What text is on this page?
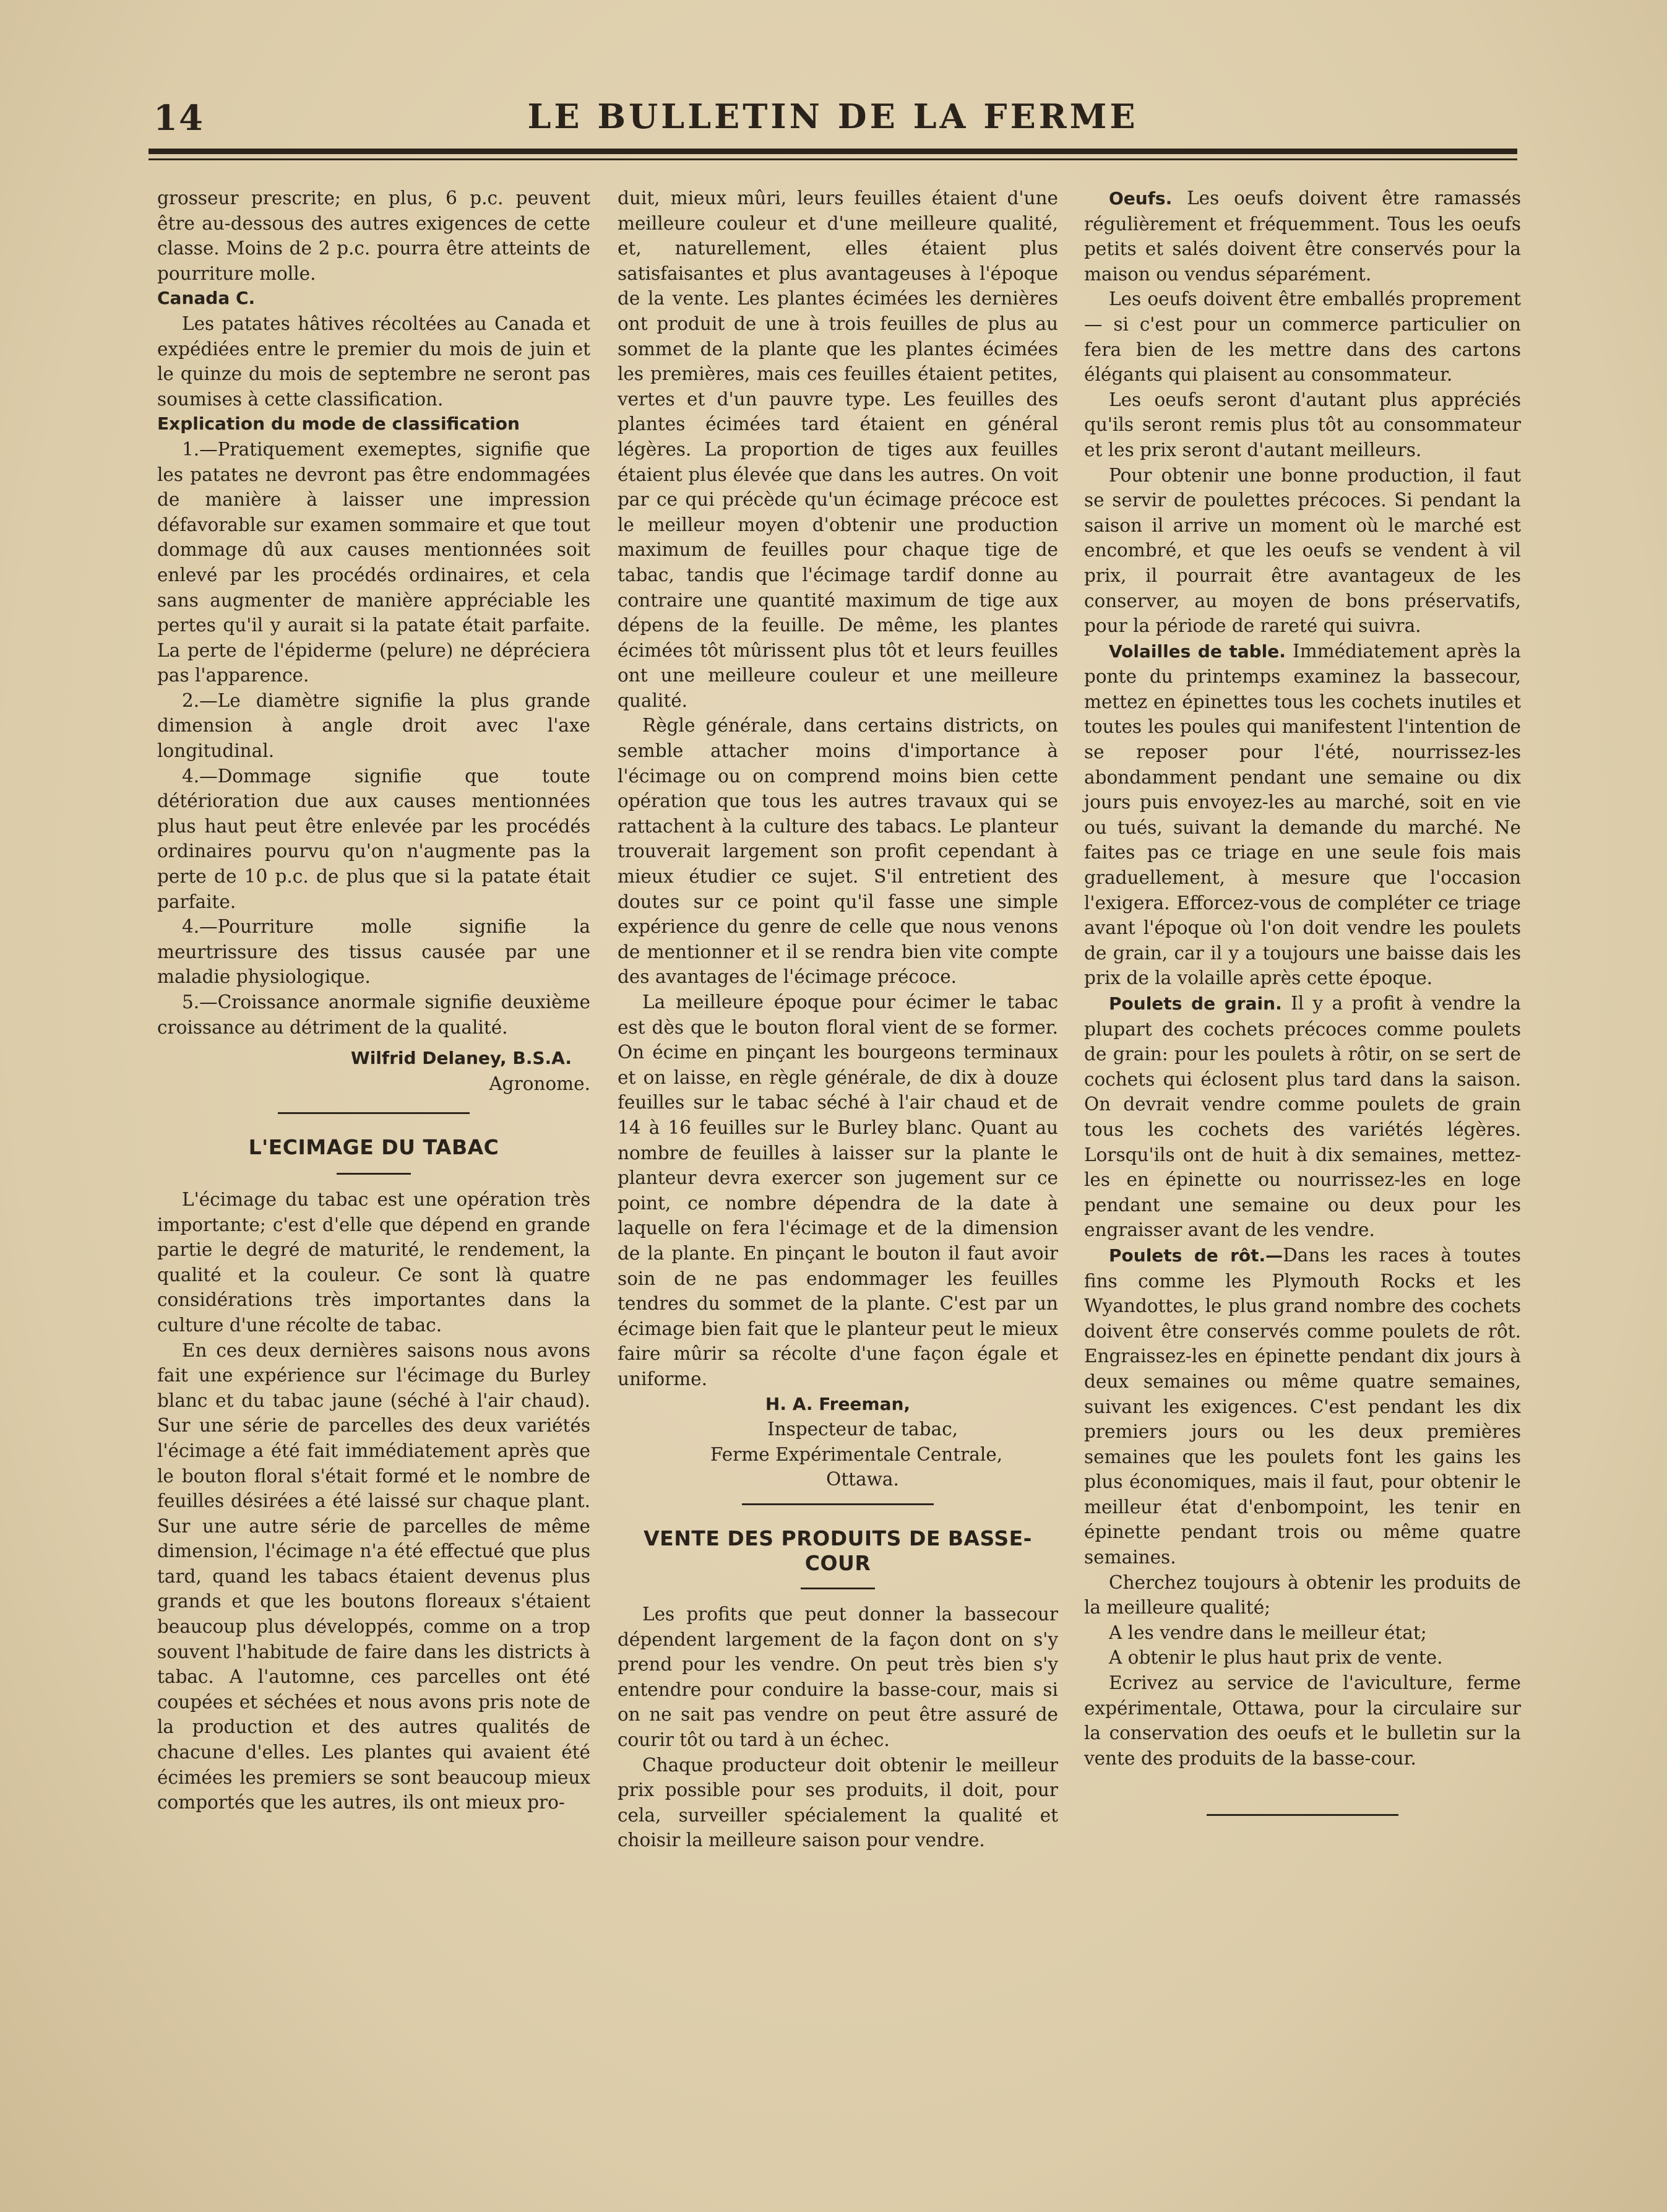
14	LE BULLETIN DE LA FERME

grosseur prescrite; en plus, 6 p.c. peuvent être au-dessous des autres exigences de cette classe. Moins de 2 p.c. pourra être atteints de pourriture molle.

Canada C.

Les patates hâtives récoltées au Canada et expédiées entre le premier du mois de juin et le quinze du mois de septembre ne seront pas soumises à cette classification.

Explication du mode de classification

1.—Pratiquement exemeptes, signifie que les patates ne devront pas être endommagées de manière à laisser une impression défavorable sur examen sommaire et que tout dommage dû aux causes mentionnées soit enlevé par les procédés ordinaires, et cela sans augmenter de manière appréciable les pertes qu'il y aurait si la patate était parfaite. La perte de l'épiderme (pelure) ne dépréciera pas l'apparence.

2.—Le diamètre signifie la plus grande dimension à angle droit avec l'axe longitudinal.

4.—Dommage signifie que toute détérioration due aux causes mentionnées plus haut peut être enlevée par les procédés ordinaires pourvu qu'on n'augmente pas la perte de 10 p.c. de plus que si la patate était parfaite.

4.—Pourriture molle signifie la meurtrissure des tissus causée par une maladie physiologique.

5.—Croissance anormale signifie deuxième croissance au détriment de la qualité.

Wilfrid Delaney, B.S.A.

Agronome.

L'ECIMAGE DU TABAC

L'écimage du tabac est une opération très importante; c'est d'elle que dépend en grande partie le degré de maturité, le rendement, la qualité et la couleur. Ce sont là quatre considérations très importantes dans la culture d'une récolte de tabac.

En ces deux dernières saisons nous avons fait une expérience sur l'écimage du Burley blanc et du tabac jaune (séché à l'air chaud). Sur une série de parcelles des deux variétés l'écimage a été fait immédiatement après que le bouton floral s'était formé et le nombre de feuilles désirées a été laissé sur chaque plant. Sur une autre série de parcelles de même dimension, l'écimage n'a été effectué que plus tard, quand les tabacs étaient devenus plus grands et que les boutons floreaux s'étaient beaucoup plus développés, comme on a trop souvent l'habitude de faire dans les districts à tabac. A l'automne, ces parcelles ont été coupées et séchées et nous avons pris note de la production et des autres qualités de chacune d'elles. Les plantes qui avaient été écimées les premiers se sont beaucoup mieux comportés que les autres, ils ont mieux pro-

duit, mieux mûri, leurs feuilles étaient d'une meilleure couleur et d'une meilleure qualité, et, naturellement, elles étaient plus satisfaisantes et plus avantageuses à l'époque de la vente. Les plantes écimées les dernières ont produit de une à trois feuilles de plus au sommet de la plante que les plantes écimées les premières, mais ces feuilles étaient petites, vertes et d'un pauvre type. Les feuilles des plantes écimées tard étaient en général légères. La proportion de tiges aux feuilles étaient plus élevée que dans les autres. On voit par ce qui précède qu'un écimage précoce est le meilleur moyen d'obtenir une production maximum de feuilles pour chaque tige de tabac, tandis que l'écimage tardif donne au contraire une quantité maximum de tige aux dépens de la feuille. De même, les plantes écimées tôt mûrissent plus tôt et leurs feuilles ont une meilleure couleur et une meilleure qualité.

Règle générale, dans certains districts, on semble attacher moins d'importance à l'écimage ou on comprend moins bien cette opération que tous les autres travaux qui se rattachent à la culture des tabacs. Le planteur trouverait largement son profit cependant à mieux étudier ce sujet. S'il entretient des doutes sur ce point qu'il fasse une simple expérience du genre de celle que nous venons de mentionner et il se rendra bien vite compte des avantages de l'écimage précoce.

La meilleure époque pour écimer le tabac est dès que le bouton floral vient de se former. On écime en pinçant les bourgeons terminaux et on laisse, en règle générale, de dix à douze feuilles sur le tabac séché à l'air chaud et de 14 à 16 feuilles sur le Burley blanc. Quant au nombre de feuilles à laisser sur la plante le planteur devra exercer son jugement sur ce point, ce nombre dépendra de la date à laquelle on fera l'écimage et de la dimension de la plante. En pinçant le bouton il faut avoir soin de ne pas endommager les feuilles tendres du sommet de la plante. C'est par un écimage bien fait que le planteur peut le mieux faire mûrir sa récolte d'une façon égale et uniforme.

H. A. Freeman,

Inspecteur de tabac,

Ferme Expérimentale Centrale,

Ottawa.

VENTE DES PRODUITS DE BASSE-COUR

Les profits que peut donner la bassecour dépendent largement de la façon dont on s'y prend pour les vendre. On peut très bien s'y entendre pour conduire la basse-cour, mais si on ne sait pas vendre on peut être assuré de courir tôt ou tard à un échec.

Chaque producteur doit obtenir le meilleur prix possible pour ses produits, il doit, pour cela, surveiller spécialement la qualité et choisir la meilleure saison pour vendre.

Oeufs. Les oeufs doivent être ramassés régulièrement et fréquemment. Tous les oeufs petits et salés doivent être conservés pour la maison ou vendus séparément.

Les oeufs doivent être emballés proprement — si c'est pour un commerce particulier on fera bien de les mettre dans des cartons élégants qui plaisent au consommateur.

Les oeufs seront d'autant plus appréciés qu'ils seront remis plus tôt au consommateur et les prix seront d'autant meilleurs.

Pour obtenir une bonne production, il faut se servir de poulettes précoces. Si pendant la saison il arrive un moment où le marché est encombré, et que les oeufs se vendent à vil prix, il pourrait être avantageux de les conserver, au moyen de bons préservatifs, pour la période de rareté qui suivra.

Volailles de table. Immédiatement après la ponte du printemps examinez la bassecour, mettez en épinettes tous les cochets inutiles et toutes les poules qui manifestent l'intention de se reposer pour l'été, nourrissez-les abondamment pendant une semaine ou dix jours puis envoyez-les au marché, soit en vie ou tués, suivant la demande du marché. Ne faites pas ce triage en une seule fois mais graduellement, à mesure que l'occasion l'exigera. Efforcez-vous de compléter ce triage avant l'époque où l'on doit vendre les poulets de grain, car il y a toujours une baisse dais les prix de la volaille après cette époque.

Poulets de grain. Il y a profit à vendre la plupart des cochets précoces comme poulets de grain: pour les poulets à rôtir, on se sert de cochets qui éclosent plus tard dans la saison. On devrait vendre comme poulets de grain tous les cochets des variétés légères. Lorsqu'ils ont de huit à dix semaines, mettez-les en épinette ou nourrissez-les en loge pendant une semaine ou deux pour les engraisser avant de les vendre.

Poulets de rôt.—Dans les races à toutes fins comme les Plymouth Rocks et les Wyandottes, le plus grand nombre des cochets doivent être conservés comme poulets de rôt. Engraissez-les en épinette pendant dix jours à deux semaines ou même quatre semaines, suivant les exigences. C'est pendant les dix premiers jours ou les deux premières semaines que les poulets font les gains les plus économiques, mais il faut, pour obtenir le meilleur état d'enbompoint, les tenir en épinette pendant trois ou même quatre semaines.

Cherchez toujours à obtenir les produits de la meilleure qualité;

A les vendre dans le meilleur état;

A obtenir le plus haut prix de vente.

Ecrivez au service de l'aviculture, ferme expérimentale, Ottawa, pour la circulaire sur la conservation des oeufs et le bulletin sur la vente des produits de la basse-cour.
